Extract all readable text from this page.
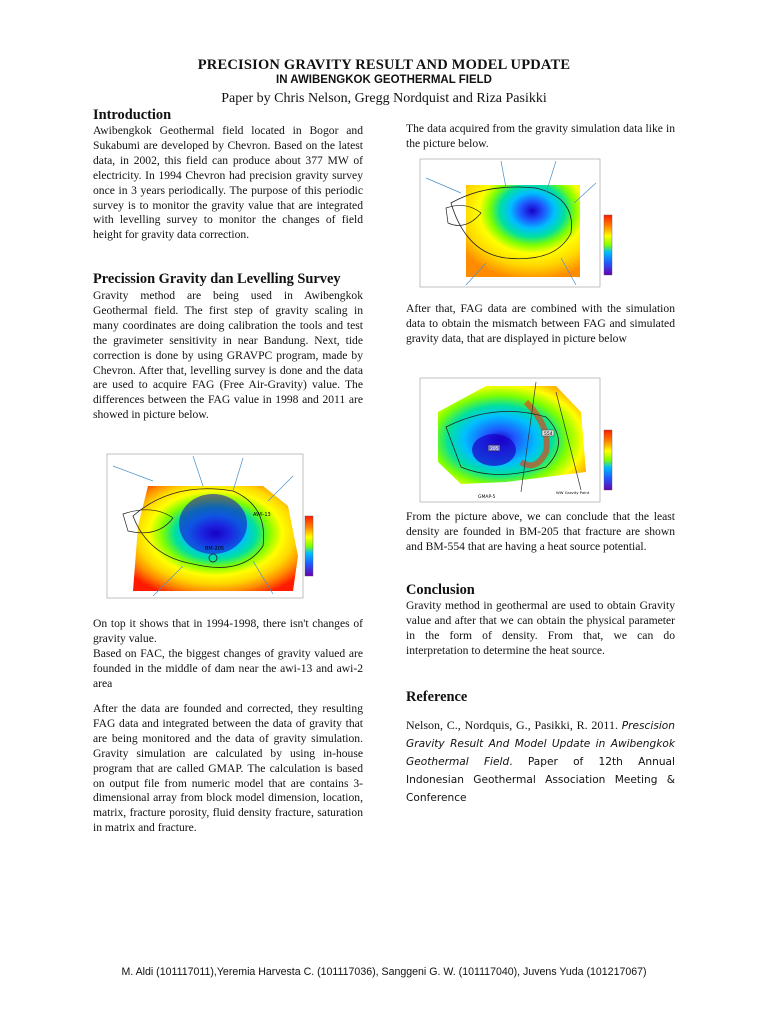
PRECISION GRAVITY RESULT AND MODEL UPDATE
IN AWIBENGKOK GEOTHERMAL FIELD
Paper by Chris Nelson, Gregg Nordquist and Riza Pasikki
Introduction

Awibengkok Geothermal field located in Bogor and Sukabumi are developed by Chevron. Based on the latest data, in 2002, this field can produce about 377 MW of electricity. In 1994 Chevron had precision gravity survey once in 3 years periodically. The purpose of this periodic survey is to monitor the gravity value that are integrated with levelling survey to monitor the changes of field height for gravity data correction.

Precission Gravity dan Levelling Survey

Gravity method are being used in Awibengkok Geothermal field. The first step of gravity scaling in many coordinates are doing calibration the tools and test the gravimeter sensitivity in near Bandung. Next, tide correction is done by using GRAVPC program, made by Chevron. After that, levelling survey is done and the data are used to acquire FAG (Free Air-Gravity) value. The differences between the FAG value in 1998 and 2011 are showed in picture below.

BM-205
AWI-13

On top it shows that in 1994-1998, there isn't changes of gravity value.

Based on FAC, the biggest changes of gravity valued are founded in the middle of dam near the awi-13 and awi-2 area

After the data are founded and corrected, they resulting FAG data and integrated between the data of gravity that are being monitored and the data of gravity simulation. Gravity simulation are calculated by using in-house program that are called GMAP. The calculation is based on output file from numeric model that are contains 3-dimensional array from block model dimension, location, matrix, fracture porosity, fluid density fracture, saturation in matrix and fracture.

The data acquired from the gravity simulation data like in the picture below.

After that, FAG data are combined with the simulation data to obtain the mismatch between FAG and simulated gravity data, that are displayed in picture below

205
554
GMAP-5
WW Gravity Point

From the picture above, we can conclude that the least density are founded in BM-205 that fracture are shown and BM-554 that are having a heat source potential.

Conclusion

Gravity method in geothermal are used to obtain Gravity value and after that we can obtain the physical parameter in the form of density. From that, we can do interpretation to determine the heat source.

Reference
Nelson, C., Nordquis, G., Pasikki, R. 2011. Prescision Gravity Result And Model Update in Awibengkok Geothermal Field. Paper of 12th Annual Indonesian Geothermal Association Meeting & Conference
M. Aldi (101117011),Yeremia Harvesta C. (101117036), Sanggeni G. W. (101117040), Juvens Yuda (101217067)
